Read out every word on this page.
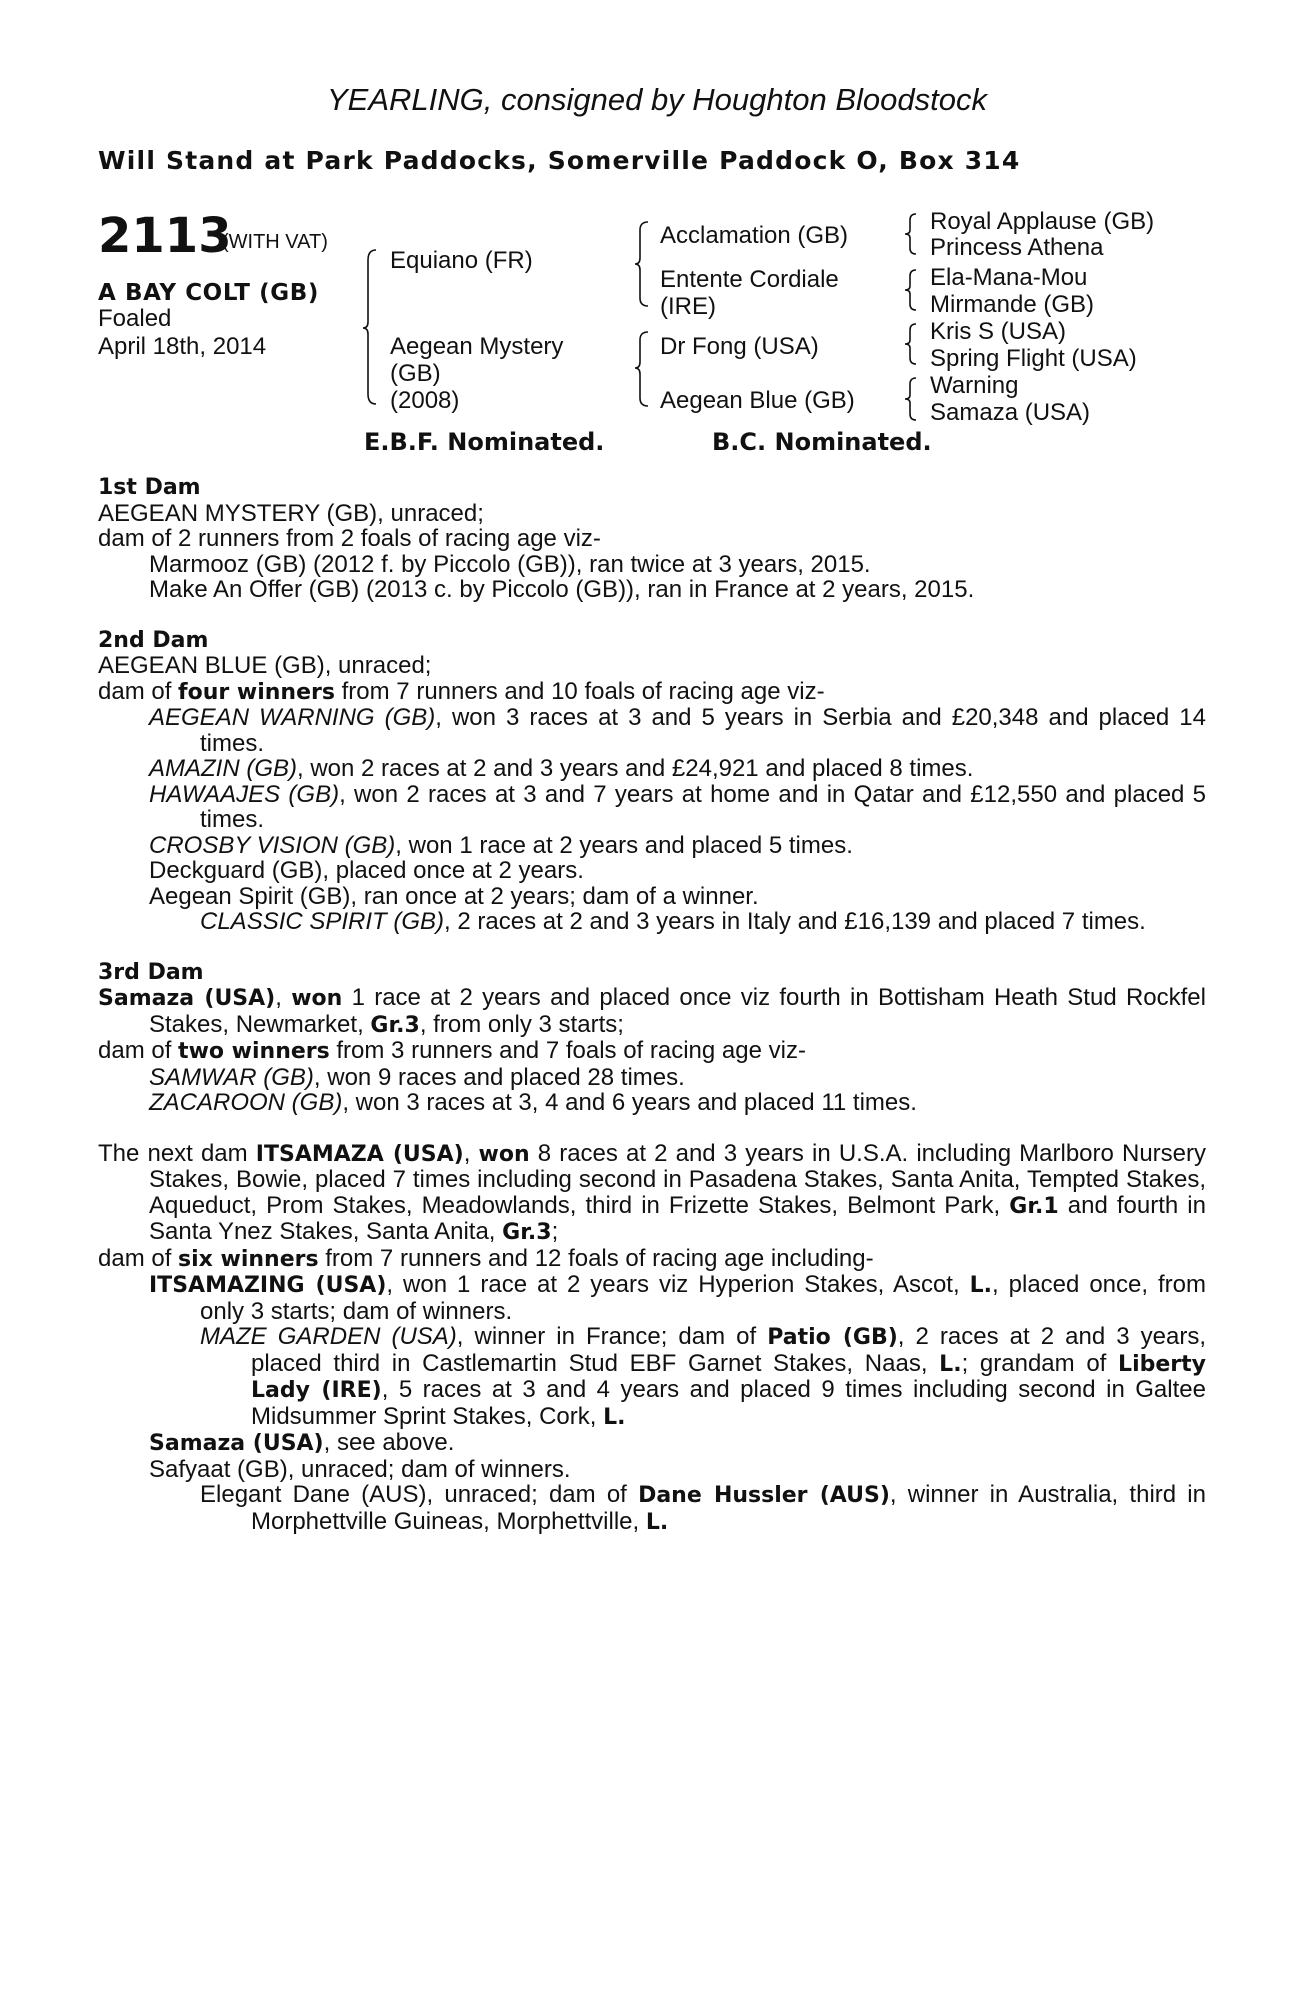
YEARLING, consigned by Houghton Bloodstock
Will Stand at Park Paddocks, Somerville Paddock O, Box 314
2113
(WITH VAT)
A BAY COLT (GB)
Foaled
April 18th, 2014
Equiano (FR)
Aegean Mystery
(GB)
(2008)
Acclamation (GB)
Entente Cordiale
(IRE)
Dr Fong (USA)
Aegean Blue (GB)
Royal Applause (GB)
Princess Athena
Ela-Mana-Mou
Mirmande (GB)
Kris S (USA)
Spring Flight (USA)
Warning
Samaza (USA)
E.B.F. Nominated.	B.C. Nominated.

1st Dam

AEGEAN MYSTERY (GB), unraced;

dam of 2 runners from 2 foals of racing age viz-

Marmooz (GB) (2012 f. by Piccolo (GB)), ran twice at 3 years, 2015.

Make An Offer (GB) (2013 c. by Piccolo (GB)), ran in France at 2 years, 2015.

2nd Dam

AEGEAN BLUE (GB), unraced;

dam of four winners from 7 runners and 10 foals of racing age viz-

AEGEAN WARNING (GB), won 3 races at 3 and 5 years in Serbia and £20,348 and placed 14 times.

AMAZIN (GB), won 2 races at 2 and 3 years and £24,921 and placed 8 times.

HAWAAJES (GB), won 2 races at 3 and 7 years at home and in Qatar and £12,550 and placed 5 times.

CROSBY VISION (GB), won 1 race at 2 years and placed 5 times.

Deckguard (GB), placed once at 2 years.

Aegean Spirit (GB), ran once at 2 years; dam of a winner.

CLASSIC SPIRIT (GB), 2 races at 2 and 3 years in Italy and £16,139 and placed 7 times.

3rd Dam

Samaza (USA), won 1 race at 2 years and placed once viz fourth in Bottisham Heath Stud Rockfel Stakes, Newmarket, Gr.3, from only 3 starts;

dam of two winners from 3 runners and 7 foals of racing age viz-

SAMWAR (GB), won 9 races and placed 28 times.

ZACAROON (GB), won 3 races at 3, 4 and 6 years and placed 11 times.

The next dam ITSAMAZA (USA), won 8 races at 2 and 3 years in U.S.A. including Marlboro Nursery Stakes, Bowie, placed 7 times including second in Pasadena Stakes, Santa Anita, Tempted Stakes, Aqueduct, Prom Stakes, Meadowlands, third in Frizette Stakes, Belmont Park, Gr.1 and fourth in Santa Ynez Stakes, Santa Anita, Gr.3;

dam of six winners from 7 runners and 12 foals of racing age including-

ITSAMAZING (USA), won 1 race at 2 years viz Hyperion Stakes, Ascot, L., placed once, from only 3 starts; dam of winners.

MAZE GARDEN (USA), winner in France; dam of Patio (GB), 2 races at 2 and 3 years, placed third in Castlemartin Stud EBF Garnet Stakes, Naas, L.; grandam of Liberty Lady (IRE), 5 races at 3 and 4 years and placed 9 times including second in Galtee Midsummer Sprint Stakes, Cork, L.

Samaza (USA), see above.

Safyaat (GB), unraced; dam of winners.

Elegant Dane (AUS), unraced; dam of Dane Hussler (AUS), winner in Australia, third in Morphettville Guineas, Morphettville, L.
